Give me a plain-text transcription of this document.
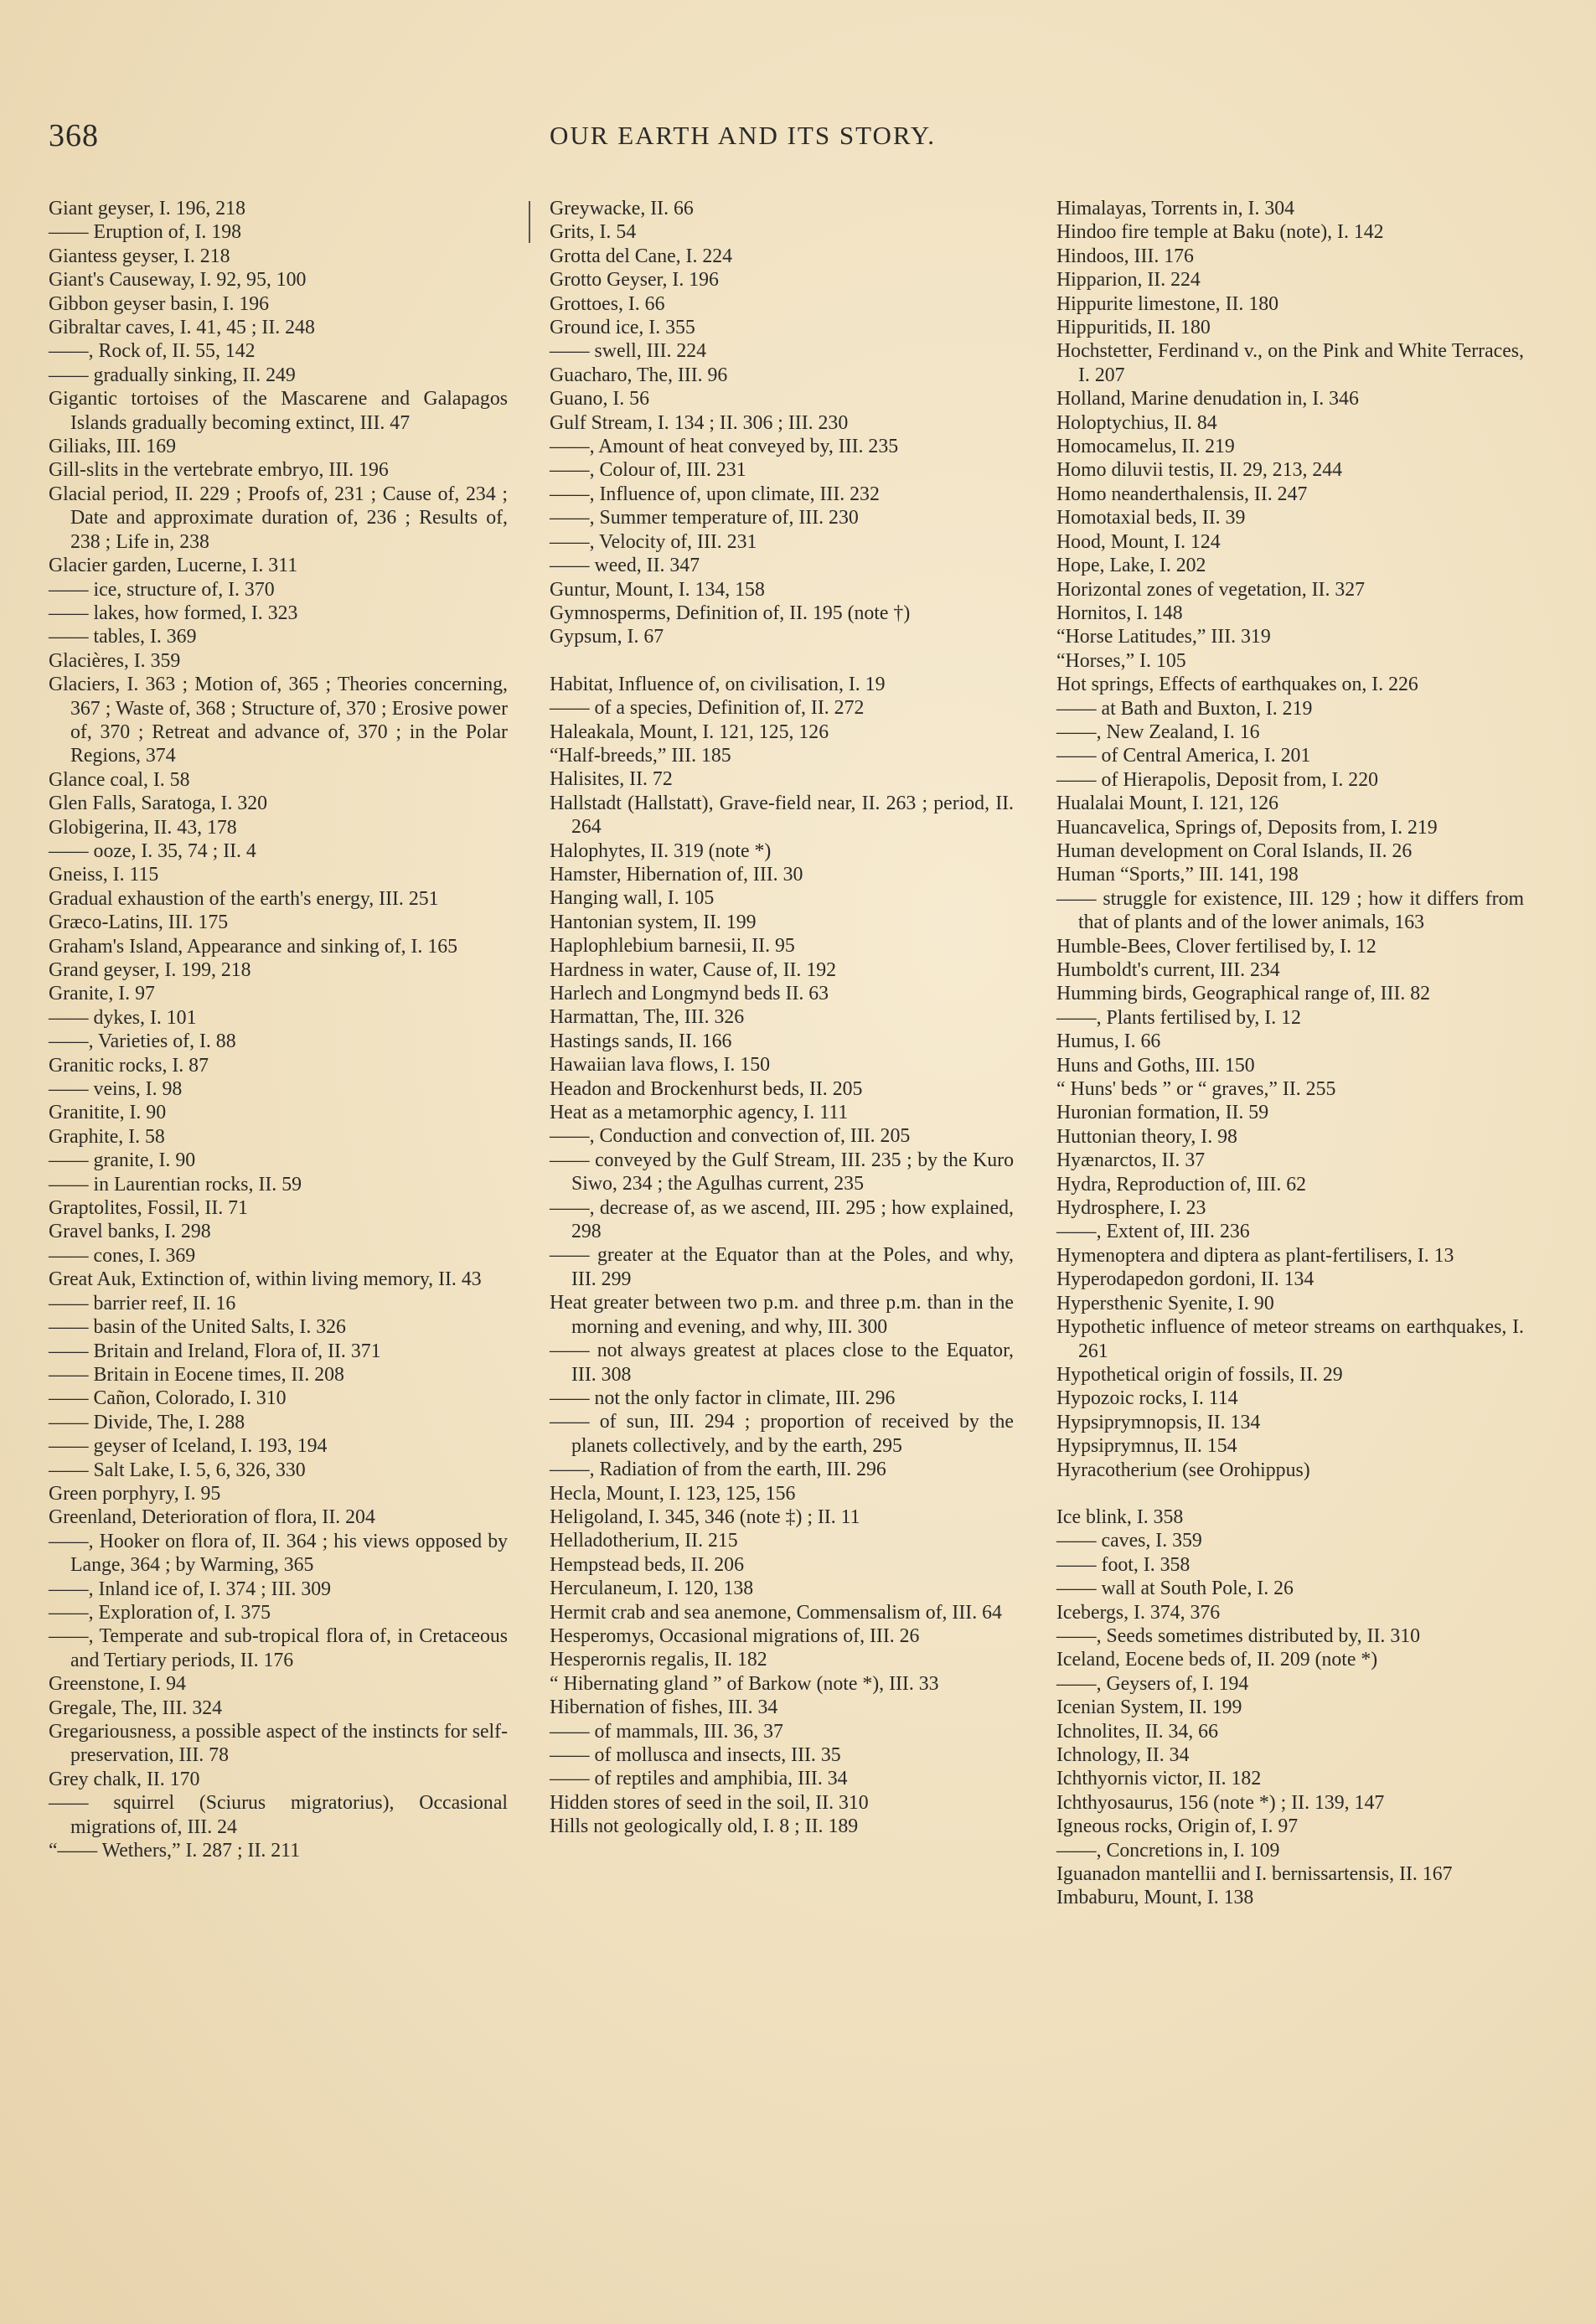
368	OUR EARTH AND ITS STORY.
Giant geyser, I. 196, 218
—— Eruption of, I. 198
Giantess geyser, I. 218
Giant's Causeway, I. 92, 95, 100
Gibbon geyser basin, I. 196
Gibraltar caves, I. 41, 45 ; II. 248
——, Rock of, II. 55, 142
—— gradually sinking, II. 249
Gigantic tortoises of the Mascarene and Galapagos Islands gradually becoming extinct, III. 47
Giliaks, III. 169
Gill-slits in the vertebrate embryo, III. 196
Glacial period, II. 229 ; Proofs of, 231 ; Cause of, 234 ; Date and approximate duration of, 236 ; Results of, 238 ; Life in, 238
Glacier garden, Lucerne, I. 311
—— ice, structure of, I. 370
—— lakes, how formed, I. 323
—— tables, I. 369
Glacières, I. 359
Glaciers, I. 363 ; Motion of, 365 ; Theories concerning, 367 ; Waste of, 368 ; Structure of, 370 ; Erosive power of, 370 ; Retreat and advance of, 370 ; in the Polar Regions, 374
Glance coal, I. 58
Glen Falls, Saratoga, I. 320
Globigerina, II. 43, 178
—— ooze, I. 35, 74 ; II. 4
Gneiss, I. 115
Gradual exhaustion of the earth's energy, III. 251
Græco-Latins, III. 175
Graham's Island, Appearance and sinking of, I. 165
Grand geyser, I. 199, 218
Granite, I. 97
—— dykes, I. 101
——, Varieties of, I. 88
Granitic rocks, I. 87
—— veins, I. 98
Granitite, I. 90
Graphite, I. 58
—— granite, I. 90
—— in Laurentian rocks, II. 59
Graptolites, Fossil, II. 71
Gravel banks, I. 298
—— cones, I. 369
Great Auk, Extinction of, within living memory, II. 43
—— barrier reef, II. 16
—— basin of the United Salts, I. 326
—— Britain and Ireland, Flora of, II. 371
—— Britain in Eocene times, II. 208
—— Cañon, Colorado, I. 310
—— Divide, The, I. 288
—— geyser of Iceland, I. 193, 194
—— Salt Lake, I. 5, 6, 326, 330
Green porphyry, I. 95
Greenland, Deterioration of flora, II. 204
——, Hooker on flora of, II. 364 ; his views opposed by Lange, 364 ; by Warming, 365
——, Inland ice of, I. 374 ; III. 309
——, Exploration of, I. 375
——, Temperate and sub-tropical flora of, in Cretaceous and Tertiary periods, II. 176
Greenstone, I. 94
Gregale, The, III. 324
Gregariousness, a possible aspect of the instincts for self-preservation, III. 78
Grey chalk, II. 170
—— squirrel (Sciurus migratorius), Occasional migrations of, III. 24
“—— Wethers,” I. 287 ; II. 211
Greywacke, II. 66
Grits, I. 54
Grotta del Cane, I. 224
Grotto Geyser, I. 196
Grottoes, I. 66
Ground ice, I. 355
—— swell, III. 224
Guacharo, The, III. 96
Guano, I. 56
Gulf Stream, I. 134 ; II. 306 ; III. 230
——, Amount of heat conveyed by, III. 235
——, Colour of, III. 231
——, Influence of, upon climate, III. 232
——, Summer temperature of, III. 230
——, Velocity of, III. 231
—— weed, II. 347
Guntur, Mount, I. 134, 158
Gymnosperms, Definition of, II. 195 (note †)
Gypsum, I. 67
Habitat, Influence of, on civilisation, I. 19
—— of a species, Definition of, II. 272
Haleakala, Mount, I. 121, 125, 126
“Half-breeds,” III. 185
Halisites, II. 72
Hallstadt (Hallstatt), Grave-field near, II. 263 ; period, II. 264
Halophytes, II. 319 (note *)
Hamster, Hibernation of, III. 30
Hanging wall, I. 105
Hantonian system, II. 199
Haplophlebium barnesii, II. 95
Hardness in water, Cause of, II. 192
Harlech and Longmynd beds II. 63
Harmattan, The, III. 326
Hastings sands, II. 166
Hawaiian lava flows, I. 150
Headon and Brockenhurst beds, II. 205
Heat as a metamorphic agency, I. 111
——, Conduction and convection of, III. 205
—— conveyed by the Gulf Stream, III. 235 ; by the Kuro Siwo, 234 ; the Agulhas current, 235
——, decrease of, as we ascend, III. 295 ; how explained, 298
—— greater at the Equator than at the Poles, and why, III. 299
Heat greater between two p.m. and three p.m. than in the morning and evening, and why, III. 300
—— not always greatest at places close to the Equator, III. 308
—— not the only factor in climate, III. 296
—— of sun, III. 294 ; proportion of received by the planets collectively, and by the earth, 295
——, Radiation of from the earth, III. 296
Hecla, Mount, I. 123, 125, 156
Heligoland, I. 345, 346 (note ‡) ; II. 11
Helladotherium, II. 215
Hempstead beds, II. 206
Herculaneum, I. 120, 138
Hermit crab and sea anemone, Commensalism of, III. 64
Hesperomys, Occasional migrations of, III. 26
Hesperornis regalis, II. 182
“ Hibernating gland ” of Barkow (note *), III. 33
Hibernation of fishes, III. 34
—— of mammals, III. 36, 37
—— of mollusca and insects, III. 35
—— of reptiles and amphibia, III. 34
Hidden stores of seed in the soil, II. 310
Hills not geologically old, I. 8 ; II. 189
Himalayas, Torrents in, I. 304
Hindoo fire temple at Baku (note), I. 142
Hindoos, III. 176
Hipparion, II. 224
Hippurite limestone, II. 180
Hippuritids, II. 180
Hochstetter, Ferdinand v., on the Pink and White Terraces, I. 207
Holland, Marine denudation in, I. 346
Holoptychius, II. 84
Homocamelus, II. 219
Homo diluvii testis, II. 29, 213, 244
Homo neanderthalensis, II. 247
Homotaxial beds, II. 39
Hood, Mount, I. 124
Hope, Lake, I. 202
Horizontal zones of vegetation, II. 327
Hornitos, I. 148
“Horse Latitudes,” III. 319
“Horses,” I. 105
Hot springs, Effects of earthquakes on, I. 226
—— at Bath and Buxton, I. 219
——, New Zealand, I. 16
—— of Central America, I. 201
—— of Hierapolis, Deposit from, I. 220
Hualalai Mount, I. 121, 126
Huancavelica, Springs of, Deposits from, I. 219
Human development on Coral Islands, II. 26
Human “Sports,” III. 141, 198
—— struggle for existence, III. 129 ; how it differs from that of plants and of the lower animals, 163
Humble-Bees, Clover fertilised by, I. 12
Humboldt's current, III. 234
Humming birds, Geographical range of, III. 82
——, Plants fertilised by, I. 12
Humus, I. 66
Huns and Goths, III. 150
“ Huns' beds ” or “ graves,” II. 255
Huronian formation, II. 59
Huttonian theory, I. 98
Hyænarctos, II. 37
Hydra, Reproduction of, III. 62
Hydrosphere, I. 23
——, Extent of, III. 236
Hymenoptera and diptera as plant-fertilisers, I. 13
Hyperodapedon gordoni, II. 134
Hypersthenic Syenite, I. 90
Hypothetic influence of meteor streams on earthquakes, I. 261
Hypothetical origin of fossils, II. 29
Hypozoic rocks, I. 114
Hypsiprymnopsis, II. 134
Hypsiprymnus, II. 154
Hyracotherium (see Orohippus)
Ice blink, I. 358
—— caves, I. 359
—— foot, I. 358
—— wall at South Pole, I. 26
Icebergs, I. 374, 376
——, Seeds sometimes distributed by, II. 310
Iceland, Eocene beds of, II. 209 (note *)
——, Geysers of, I. 194
Icenian System, II. 199
Ichnolites, II. 34, 66
Ichnology, II. 34
Ichthyornis victor, II. 182
Ichthyosaurus, 156 (note *) ; II. 139, 147
Igneous rocks, Origin of, I. 97
——, Concretions in, I. 109
Iguanadon mantellii and I. bernissartensis, II. 167
Imbaburu, Mount, I. 138
